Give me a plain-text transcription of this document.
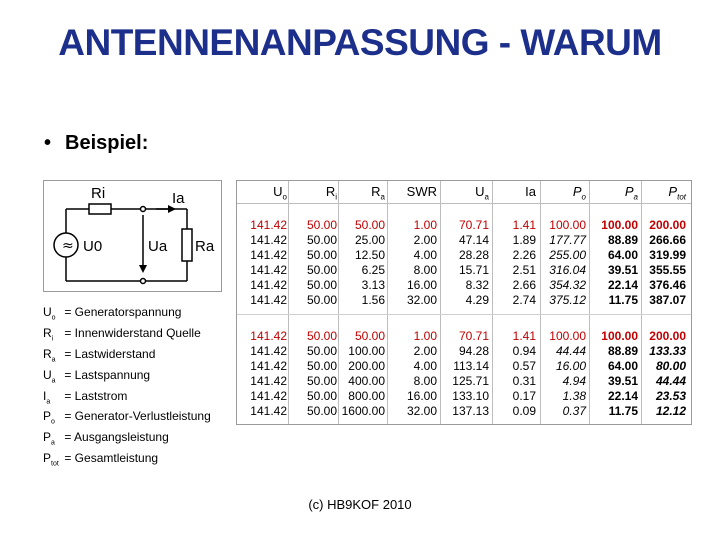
ANTENNENANPASSUNG - WARUM
• Beispiel:
≈
Ri	Ia
U0	Ua Ra
$U_o$ = Generatorspannung
$R_i$ = Innenwiderstand Quelle
$R_a$ = Lastwiderstand
$U_a$ = Lastspannung
$I_a$ = Laststrom
$P_o$ = Generator-Verlustleistung
$P_a$ = Ausgangsleistung
$P_{tot}$ = Gesamtleistung
$U_o$	$R_i$	$R_a$	SWR	$U_a$	Ia	$P_o$	$P_a$	$P_{tot}$
141.42	50.00	50.00	1.00	70.71	1.41	100.00	100.00 200.00
141.42	50.00	25.00	2.00	47.14	1.89	177.77	88.89 266.66
141.42	50.00	12.50	4.00	28.28	2.26	255.00	64.00 319.99
141.42	50.00	6.25	8.00	15.71	2.51	316.04	39.51 355.55
141.42	50.00	3.13	16.00	8.32	2.66	354.32	22.14 376.46
141.42	50.00	1.56	32.00	4.29	2.74	375.12	11.75 387.07
141.42	50.00	50.00	1.00	70.71	1.41	100.00	100.00 200.00
141.42	50.00 100.00	2.00	94.28	0.94	44.44	88.89 133.33
141.42	50.00 200.00	4.00	113.14	0.57	16.00	64.00	80.00
141.42	50.00 400.00	8.00	125.71	0.31	4.94	39.51	44.44
141.42	50.00 800.00	16.00	133.10	0.17	1.38	22.14	23.53
141.42	50.00 1600.00	32.00	137.13	0.09	0.37	11.75	12.12
(c) HB9KOF 2010
